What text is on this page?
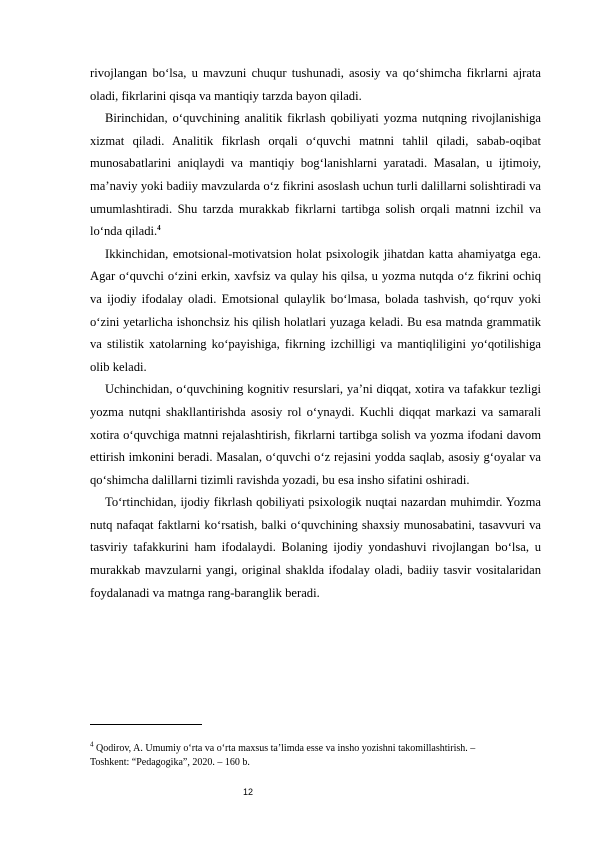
rivojlangan bo‘lsa, u mavzuni chuqur tushunadi, asosiy va qo‘shimcha fikrlarni ajrata oladi, fikrlarini qisqa va mantiqiy tarzda bayon qiladi.

Birinchidan, o‘quvchining analitik fikrlash qobiliyati yozma nutqning rivojlanishiga xizmat qiladi. Analitik fikrlash orqali o‘quvchi matnni tahlil qiladi, sabab-oqibat munosabatlarini aniqlaydi va mantiqiy bog‘lanishlarni yaratadi. Masalan, u ijtimoiy, ma’naviy yoki badiiy mavzularda o‘z fikrini asoslash uchun turli dalillarni solishtiradi va umumlashtiradi. Shu tarzda murakkab fikrlarni tartibga solish orqali matnni izchil va lo‘nda qiladi.$^4$

Ikkinchidan, emotsional-motivatsion holat psixologik jihatdan katta ahamiyatga ega. Agar o‘quvchi o‘zini erkin, xavfsiz va qulay his qilsa, u yozma nutqda o‘z fikrini ochiq va ijodiy ifodalay oladi. Emotsional qulaylik bo‘lmasa, bolada tashvish, qo‘rquv yoki o‘zini yetarlicha ishonchsiz his qilish holatlari yuzaga keladi. Bu esa matnda grammatik va stilistik xatolarning ko‘payishiga, fikrning izchilligi va mantiqliligini yo‘qotilishiga olib keladi.

Uchinchidan, o‘quvchining kognitiv resurslari, ya’ni diqqat, xotira va tafakkur tezligi yozma nutqni shakllantirishda asosiy rol o‘ynaydi. Kuchli diqqat markazi va samarali xotira o‘quvchiga matnni rejalashtirish, fikrlarni tartibga solish va yozma ifodani davom ettirish imkonini beradi. Masalan, o‘quvchi o‘z rejasini yodda saqlab, asosiy g‘oyalar va qo‘shimcha dalillarni tizimli ravishda yozadi, bu esa insho sifatini oshiradi.

To‘rtinchidan, ijodiy fikrlash qobiliyati psixologik nuqtai nazardan muhimdir. Yozma nutq nafaqat faktlarni ko‘rsatish, balki o‘quvchining shaxsiy munosabatini, tasavvuri va tasviriy tafakkurini ham ifodalaydi. Bolaning ijodiy yondashuvi rivojlangan bo‘lsa, u murakkab mavzularni yangi, original shaklda ifodalay oladi, badiiy tasvir vositalaridan foydalanadi va matnga rang-baranglik beradi.

$^4$ Qodirov, A. Umumiy o‘rta va o‘rta maxsus ta’limda esse va insho yozishni takomillashtirish. – Toshkent: “Pedagogika”, 2020. – 160 b.

12
